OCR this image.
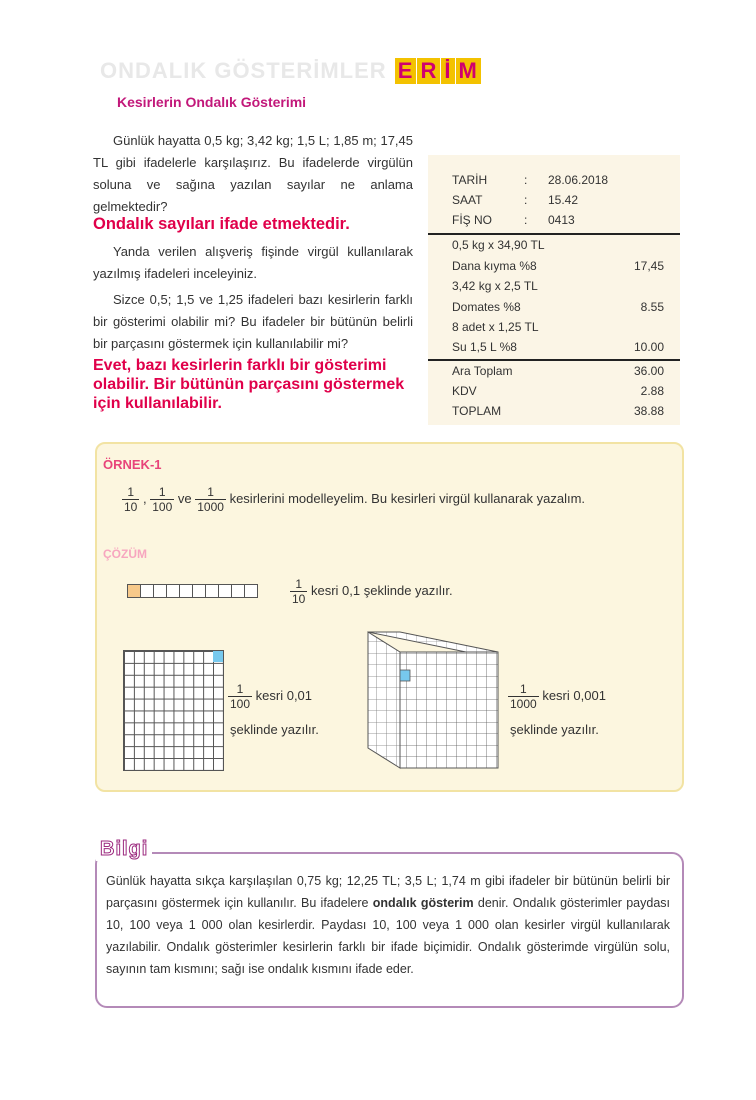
ONDALIK GÖSTERİMLER E R İ M
Kesirlerin Ondalık Gösterimi
Günlük hayatta 0,5 kg; 3,42 kg; 1,5 L; 1,85 m; 17,45 TL gibi ifadelerle karşılaşırız. Bu ifadelerde virgülün soluna ve sağına yazılan sayılar ne anlama gelmektedir?
Ondalık sayıları ifade etmektedir.
Yanda verilen alışveriş fişinde virgül kullanılarak yazılmış ifadeleri inceleyiniz.
Sizce 0,5; 1,5 ve 1,25 ifadeleri bazı kesirlerin farklı bir gösterimi olabilir mi? Bu ifadeler bir bütünün belirli bir parçasını göstermek için kullanılabilir mi?
Evet, bazı kesirlerin farklı bir gösterimi olabilir. Bir bütünün parçasını göstermek için kullanılabilir.
TARİH	: 28.06.2018
SAAT	: 15.42
FİŞ NO	: 0413
0,5 kg x 34,90 TL
Dana kıyma %8	17,45
3,42 kg x 2,5 TL
Domates %8	8.55
8 adet x 1,25 TL
Su 1,5 L %8	10.00
Ara Toplam	36.00
KDV	2.88
TOPLAM	38.88
ÖRNEK-1
$\frac{1}{10}$ , $\frac{1}{100}$ ve $\frac{1}{1000}$ kesirlerini modelleyelim. Bu kesirleri virgül kullanarak yazalım.
ÇÖZÜM
$\frac{1}{10}$ kesri 0,1 şeklinde yazılır.
$\frac{1}{100}$ kesri 0,01
şeklinde yazılır.
$\frac{1}{1000}$ kesri 0,001
şeklinde yazılır.
Bilgi
Günlük hayatta sıkça karşılaşılan 0,75 kg; 12,25 TL; 3,5 L; 1,74 m gibi ifadeler bir bütünün belirli bir parçasını göstermek için kullanılır. Bu ifadelere ondalık gösterim denir. Ondalık gösterimler paydası 10, 100 veya 1 000 olan kesirlerdir. Paydası 10, 100 veya 1 000 olan kesirler virgül kullanılarak yazılabilir. Ondalık gösterimler kesirlerin farklı bir ifade biçimidir. Ondalık gösterimde virgülün solu, sayının tam kısmını; sağı ise ondalık kısmını ifade eder.
